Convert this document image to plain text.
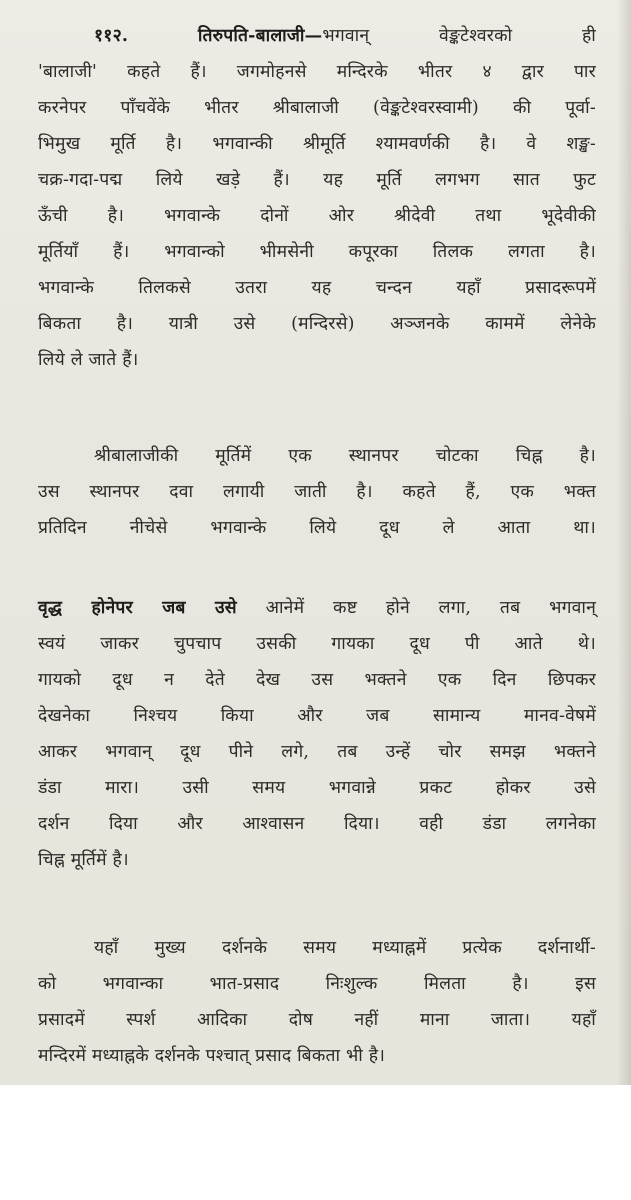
११२.	तिरुपति-बालाजी—भगवान् वेङ्कटेश्वरको ही
'बालाजी' कहते हैं। जगमोहनसे मन्दिरके भीतर ४ द्वार पार
करनेपर पाँचवेंके भीतर श्रीबालाजी (वेङ्कटेश्वरस्वामी) की पूर्वा-
भिमुख मूर्ति है। भगवान्की श्रीमूर्ति श्यामवर्णकी है। वे शङ्ख-
चक्र-गदा-पद्म लिये खड़े हैं। यह मूर्ति लगभग सात फुट
ऊँची है। भगवान्के दोनों ओर श्रीदेवी तथा भूदेवीकी
मूर्तियाँ हैं। भगवान्को भीमसेनी कपूरका तिलक लगता है।
भगवान्के तिलकसे उतरा यह चन्दन यहाँ प्रसादरूपमें
बिकता है। यात्री उसे (मन्दिरसे) अञ्जनके काममें लेनेके
लिये ले जाते हैं।
श्रीबालाजीकी मूर्तिमें एक स्थानपर चोटका चिह्न है।
उस स्थानपर दवा लगायी जाती है। कहते हैं, एक भक्त
प्रतिदिन नीचेसे भगवान्के लिये दूध ले आता था।
वृद्ध होनेपर जब उसे आनेमें कष्ट होने लगा, तब भगवान्
स्वयं जाकर चुपचाप उसकी गायका दूध पी आते थे।
गायको दूध न देते देख उस भक्तने एक दिन छिपकर
देखनेका निश्चय किया और जब सामान्य मानव-वेषमें
आकर भगवान् दूध पीने लगे, तब उन्हें चोर समझ भक्तने
डंडा मारा। उसी समय भगवान्ने प्रकट होकर उसे
दर्शन दिया और आश्वासन दिया। वही डंडा लगनेका
चिह्न मूर्तिमें है।
यहाँ मुख्य दर्शनके समय मध्याह्नमें प्रत्येक दर्शनार्थी-
को भगवान्का भात-प्रसाद निःशुल्क मिलता है। इस
प्रसादमें स्पर्श आदिका दोष नहीं माना जाता। यहाँ
मन्दिरमें मध्याह्नके दर्शनके पश्चात् प्रसाद बिकता भी है।
